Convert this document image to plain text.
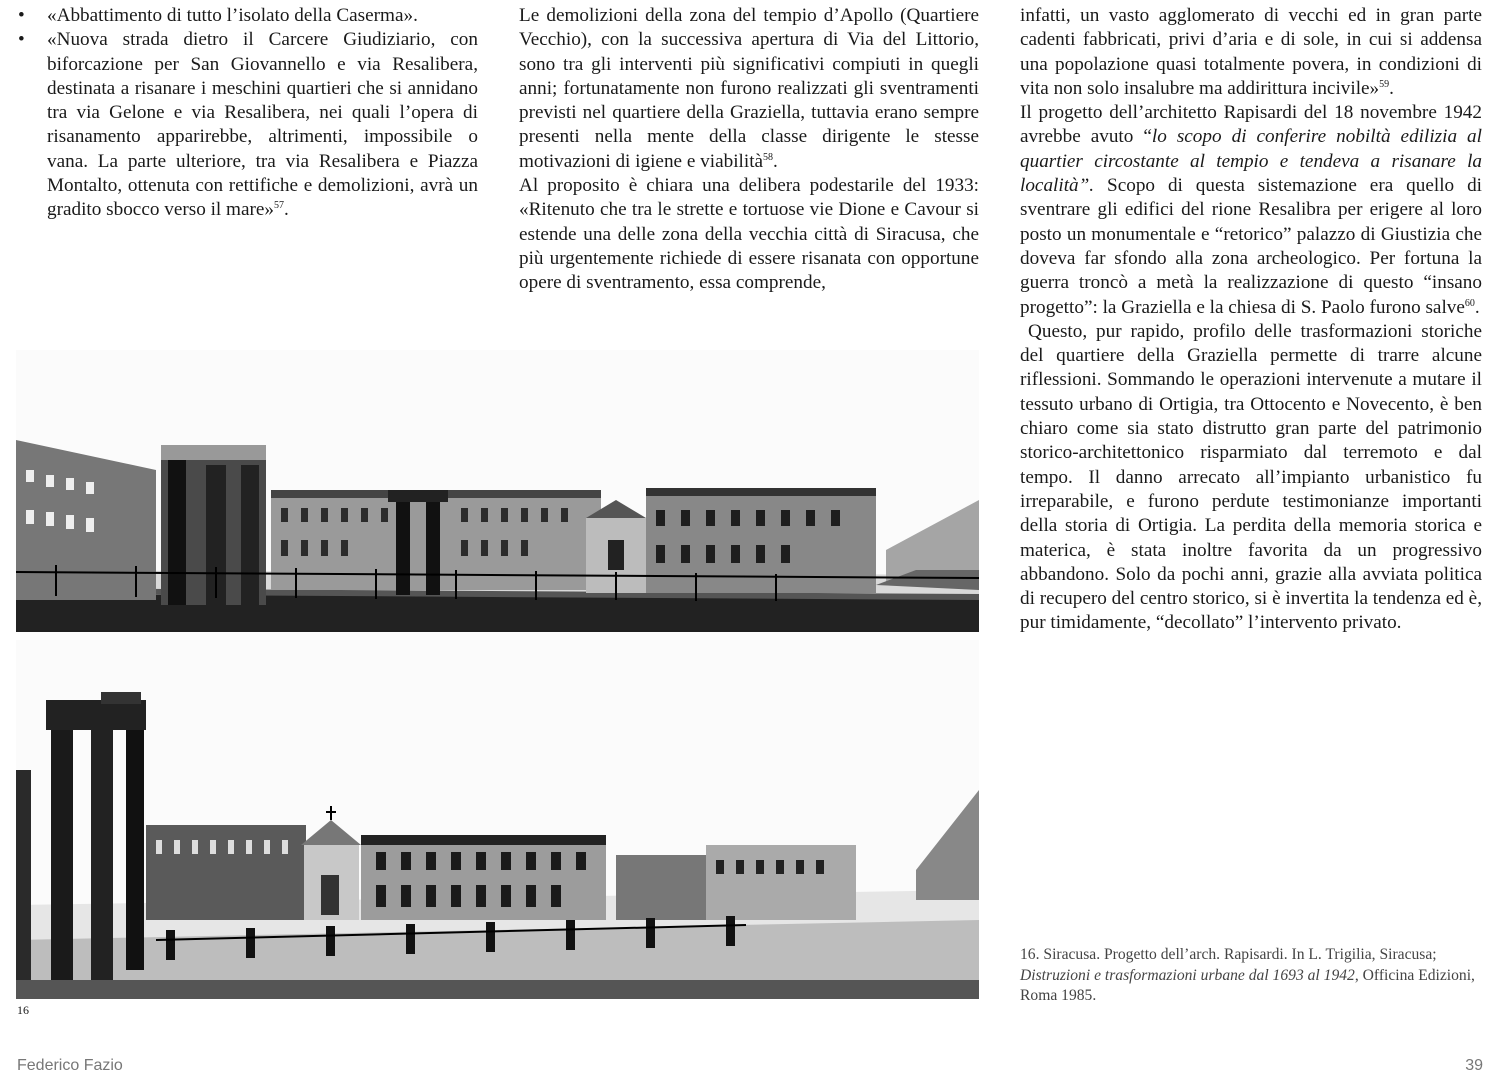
• «Abbattimento di tutto l’isolato della Caserma».
• «Nuova strada dietro il Carcere Giudiziario, con biforcazione per San Giovannello e via Resalibera, destinata a risanare i meschini quartieri che si annidano tra via Gelone e via Resalibera, nei quali l’opera di risanamento apparirebbe, altrimenti, impossibile o vana. La parte ulteriore, tra via Resalibera e Piazza Montalto, ottenuta con rettifiche e demolizioni, avrà un gradito sbocco verso il mare»$^{57}$.

Le demolizioni della zona del tempio d’Apollo (Quartiere Vecchio), con la successiva apertura di Via del Littorio, sono tra gli interventi più significativi compiuti in quegli anni; fortunatamente non furono realizzati gli sventramenti previsti nel quartiere della Graziella, tuttavia erano sempre presenti nella mente della classe dirigente le stesse motivazioni di igiene e viabilità$^{58}$.

Al proposito è chiara una delibera podestarile del 1933: «Ritenuto che tra le strette e tortuose vie Dione e Cavour si estende una delle zona della vecchia città di Siracusa, che più urgentemente richiede di essere risanata con opportune opere di sventramento, essa comprende,

infatti, un vasto agglomerato di vecchi ed in gran parte cadenti fabbricati, privi d’aria e di sole, in cui si addensa una popolazione quasi totalmente povera, in condizioni di vita non solo insalubre ma addirittura incivile»$^{59}$.

Il progetto dell’architetto Rapisardi del 18 novembre 1942 avrebbe avuto “lo scopo di conferire nobiltà edilizia al quartier circostante al tempio e tendeva a risanare la località”. Scopo di questa sistemazione era quello di sventrare gli edifici del rione Resalibra per erigere al loro posto un monumentale e “retorico” palazzo di Giustizia che doveva far sfondo alla zona archeologico. Per fortuna la guerra troncò a metà la realizzazione di questo “insano progetto”: la Graziella e la chiesa di S. Paolo furono salve$^{60}$.

Questo, pur rapido, profilo delle trasformazioni storiche del quartiere della Graziella permette di trarre alcune riflessioni. Sommando le operazioni intervenute a mutare il tessuto urbano di Ortigia, tra Ottocento e Novecento, è ben chiaro come sia stato distrutto gran parte del patrimonio storico-architettonico risparmiato dal terremoto e dal tempo. Il danno arrecato all’impianto urbanistico fu irreparabile, e furono perdute testimonianze importanti della storia di Ortigia. La perdita della memoria storica e materica, è stata inoltre favorita da un progressivo abbandono. Solo da pochi anni, grazie alla avviata politica di recupero del centro storico, si è invertita la tendenza ed è, pur timidamente, “decollato” l’intervento privato.

16
16. Siracusa. Progetto dell’arch. Rapisardi. In L. Trigilia, Siracusa; Distruzioni e trasformazioni urbane dal 1693 al 1942, Officina Edizioni, Roma 1985.
Federico Fazio	39
